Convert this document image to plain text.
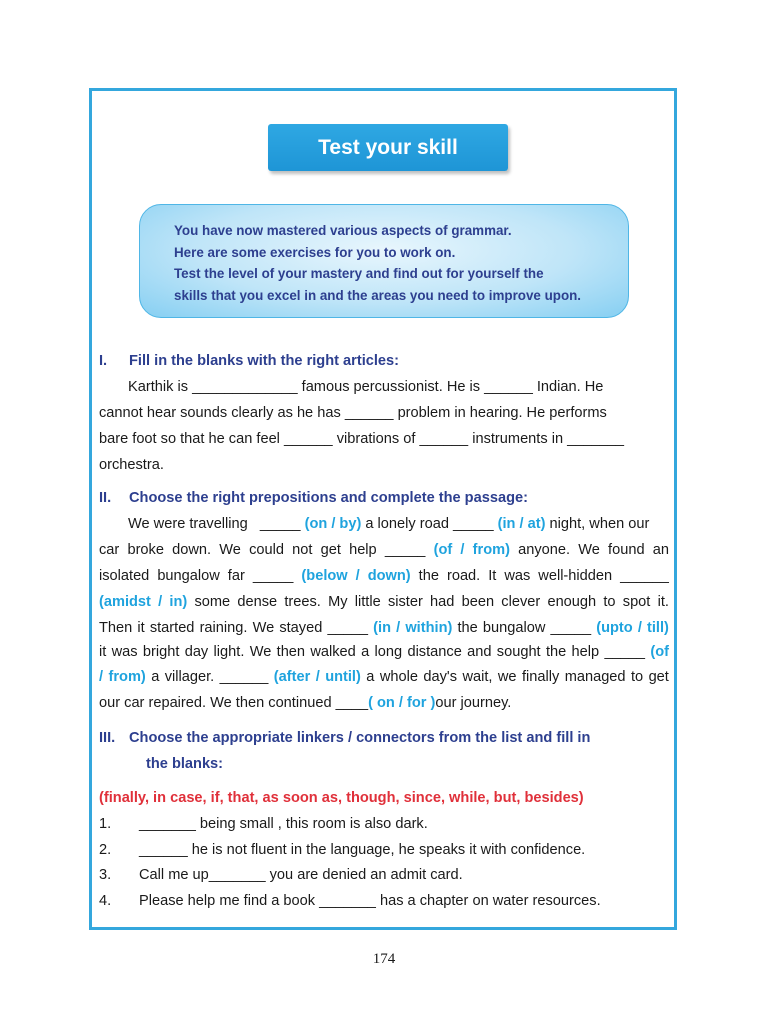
Test your skill
You have now mastered various aspects of grammar.
Here are some exercises for you to work on.
Test the level of your mastery and find out for yourself the
skills that you excel in and the areas you need to improve upon.
I. Fill in the blanks with the right articles:
Karthik is _____________ famous percussionist. He is ______ Indian. He
cannot hear sounds clearly as he has ______ problem in hearing. He performs
bare foot so that he can feel ______ vibrations of ______ instruments in _______
orchestra.
II. Choose the right prepositions and complete the passage:
We were travelling   _____ (on / by) a lonely road _____ (in / at) night, when our
car broke down. We could not get help _____ (of / from) anyone. We found an
isolated bungalow far _____ (below / down) the road. It was well-hidden ______
(amidst / in) some dense trees. My little sister had been clever enough to spot it.
Then it started raining. We stayed _____ (in / within) the bungalow _____ (upto / till)
it was bright day light. We then walked a long distance and sought the help _____ (of
/ from) a villager. ______ (after / until) a whole day's wait, we finally managed to get
our car repaired. We then continued ____( on / for )our journey.
III. Choose the appropriate linkers / connectors from the list and fill in
the blanks:
(finally, in case, if, that, as soon as, though, since, while, but, besides)
1. _______ being small , this room is also dark.
2. ______ he is not fluent in the language, he speaks it with confidence.
3. Call me up_______ you are denied an admit card.
4. Please help me find a book _______ has a chapter on water resources.
174
